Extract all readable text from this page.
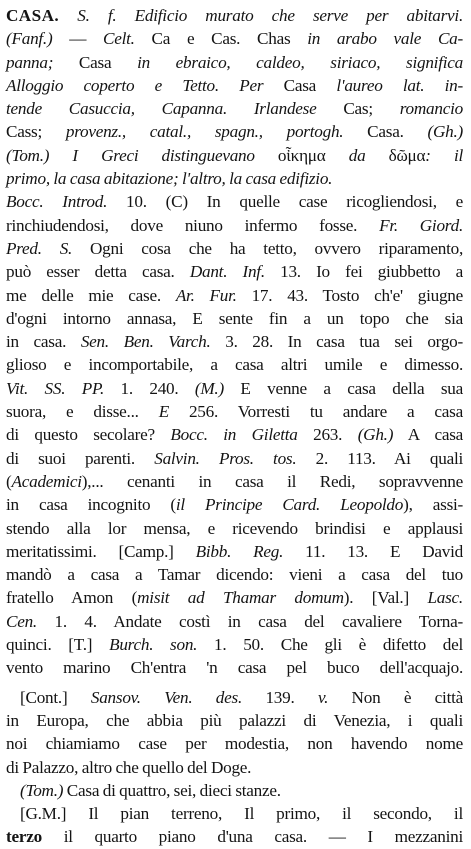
CASA. S. f. Edificio murato che serve per abitarvi.
(Fanf.) — Celt. Ca e Cas. Chas in arabo vale Ca-
panna; Casa in ebraico, caldeo, siriaco, significa
Alloggio coperto e Tetto. Per Casa l'aureo lat. in-
tende Casuccia, Capanna. Irlandese Cas; romancio
Cass; provenz., catal., spagn., portogh. Casa. (Gh.)
(Tom.) I Greci distinguevano οἶκημα da δῶμα: il
primo, la casa abitazione; l'altro, la casa edifizio.
Bocc. Introd. 10. (C) In quelle case ricogliendosi, e
rinchiudendosi, dove niuno infermo fosse. Fr. Giord.
Pred. S. Ogni cosa che ha tetto, ovvero riparamento,
può esser detta casa. Dant. Inf. 13. Io fei giubbetto a
me delle mie case. Ar. Fur. 17. 43. Tosto ch'e' giugne
d'ogni intorno annasa, E sente fin a un topo che sia
in casa. Sen. Ben. Varch. 3. 28. In casa tua sei orgo-
glioso e incomportabile, a casa altri umile e dimesso.
Vit. SS. PP. 1. 240. (M.) E venne a casa della sua
suora, e disse... E 256. Vorresti tu andare a casa
di questo secolare? Bocc. in Giletta 263. (Gh.) A casa
di suoi parenti. Salvin. Pros. tos. 2. 113. Ai quali
(Academici),... cenanti in casa il Redi, sopravvenne
in casa incognito (il Principe Card. Leopoldo), assi-
stendo alla lor mensa, e ricevendo brindisi e applausi
meritatissimi. [Camp.] Bibb. Reg. 11. 13. E David
mandò a casa a Tamar dicendo: vieni a casa del tuo
fratello Amon (misit ad Thamar domum). [Val.] Lasc.
Cen. 1. 4. Andate costì in casa del cavaliere Torna-
quinci. [T.] Burch. son. 1. 50. Che gli è difetto del
vento marino Ch'entra 'n casa pel buco dell'acquajo.
[Cont.] Sansov. Ven. des. 139. v. Non è città
in Europa, che abbia più palazzi di Venezia, i quali
noi chiamiamo case per modestia, non havendo nome
di Palazzo, altro che quello del Doge.
(Tom.) Casa di quattro, sei, dieci stanze.
[G.M.] Il pian terreno, Il primo, il secondo, il
terzo il quarto piano d'una casa. — I mezzanini
